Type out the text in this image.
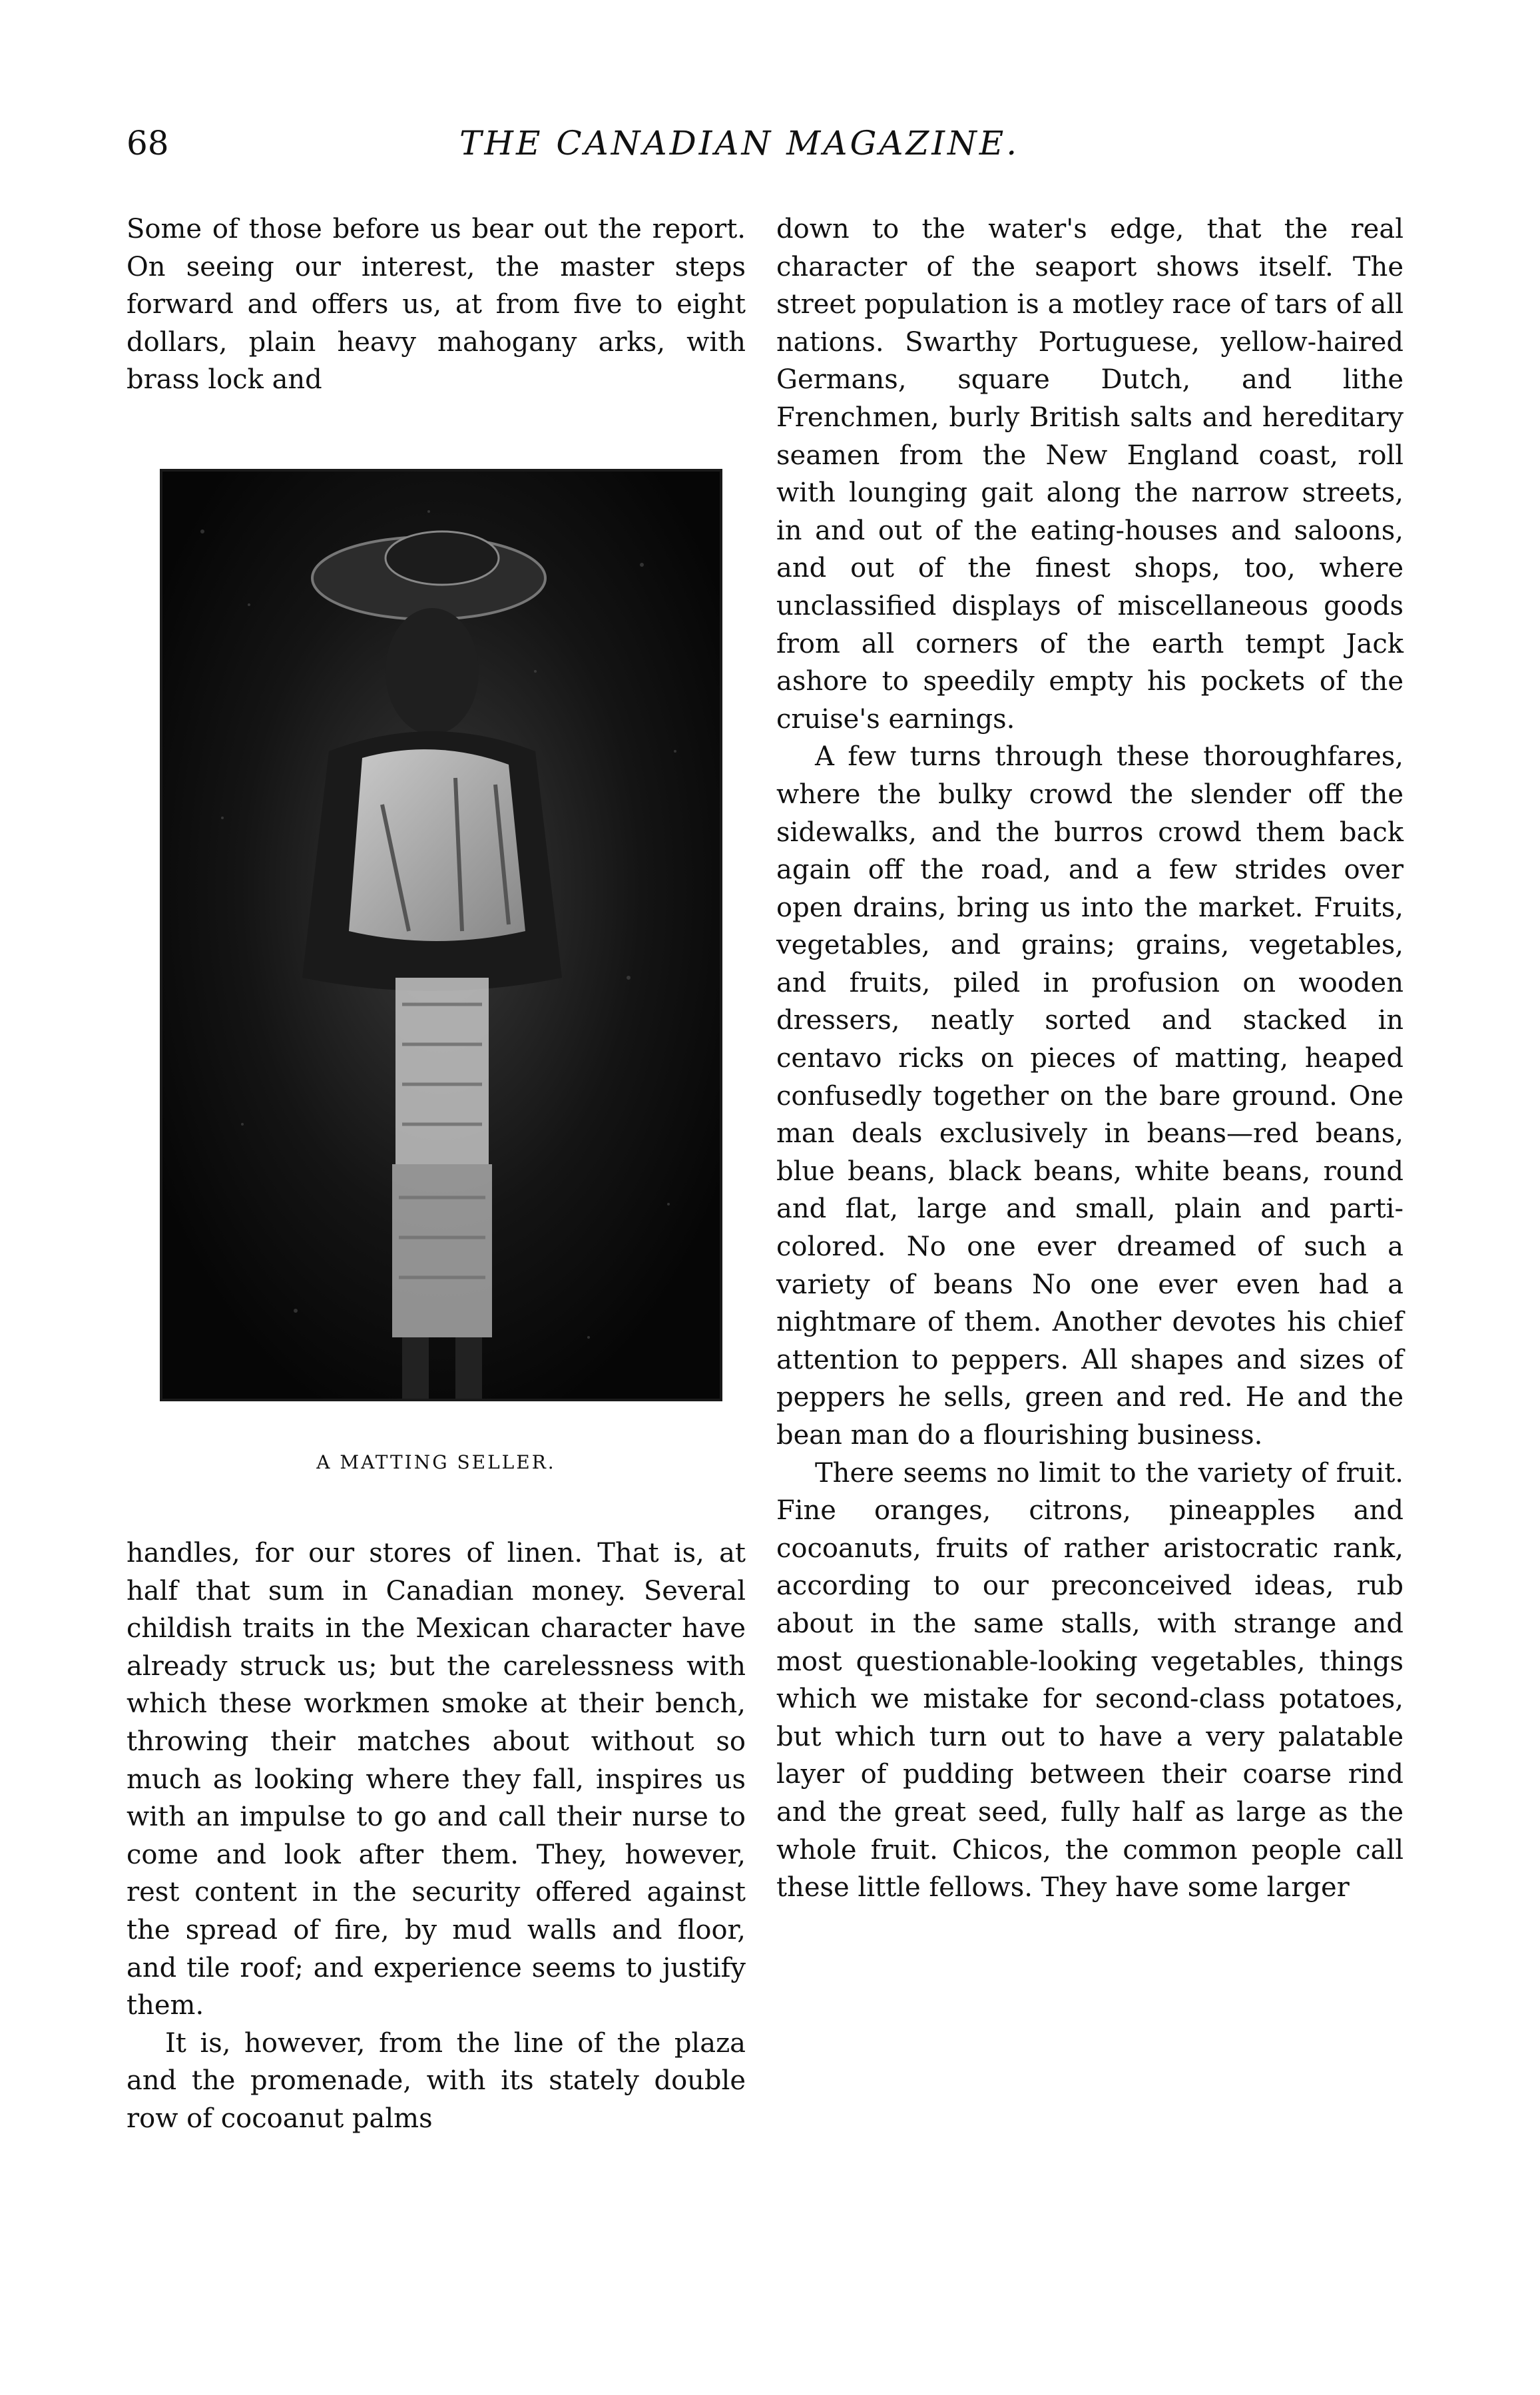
68	THE CANADIAN MAGAZINE.

Some of those before us bear out the report. On seeing our interest, the master steps forward and offers us, at from five to eight dollars, plain heavy mahogany arks, with brass lock and

A MATTING SELLER.

handles, for our stores of linen. That is, at half that sum in Canadian money. Several childish traits in the Mexican character have already struck us; but the carelessness with which these workmen smoke at their bench, throwing their matches about without so much as looking where they fall, inspires us with an impulse to go and call their nurse to come and look after them. They, however, rest content in the security offered against the spread of fire, by mud walls and floor, and tile roof; and experience seems to justify them.

It is, however, from the line of the plaza and the promenade, with its stately double row of cocoanut palms

down to the water's edge, that the real character of the seaport shows itself. The street population is a motley race of tars of all nations. Swarthy Portuguese, yellow-haired Germans, square Dutch, and lithe Frenchmen, burly British salts and hereditary seamen from the New England coast, roll with lounging gait along the narrow streets, in and out of the eating-houses and saloons, and out of the finest shops, too, where unclassified displays of miscellaneous goods from all corners of the earth tempt Jack ashore to speedily empty his pockets of the cruise's earnings.

A few turns through these thoroughfares, where the bulky crowd the slender off the sidewalks, and the burros crowd them back again off the road, and a few strides over open drains, bring us into the market. Fruits, vegetables, and grains; grains, vegetables, and fruits, piled in profusion on wooden dressers, neatly sorted and stacked in centavo ricks on pieces of matting, heaped confusedly together on the bare ground. One man deals exclusively in beans—red beans, blue beans, black beans, white beans, round and flat, large and small, plain and parti-colored. No one ever dreamed of such a variety of beans No one ever even had a nightmare of them. Another devotes his chief attention to peppers. All shapes and sizes of peppers he sells, green and red. He and the bean man do a flourishing business.

There seems no limit to the variety of fruit. Fine oranges, citrons, pineapples and cocoanuts, fruits of rather aristocratic rank, according to our preconceived ideas, rub about in the same stalls, with strange and most questionable-looking vegetables, things which we mistake for second-class potatoes, but which turn out to have a very palatable layer of pudding between their coarse rind and the great seed, fully half as large as the whole fruit. Chicos, the common people call these little fellows. They have some larger
